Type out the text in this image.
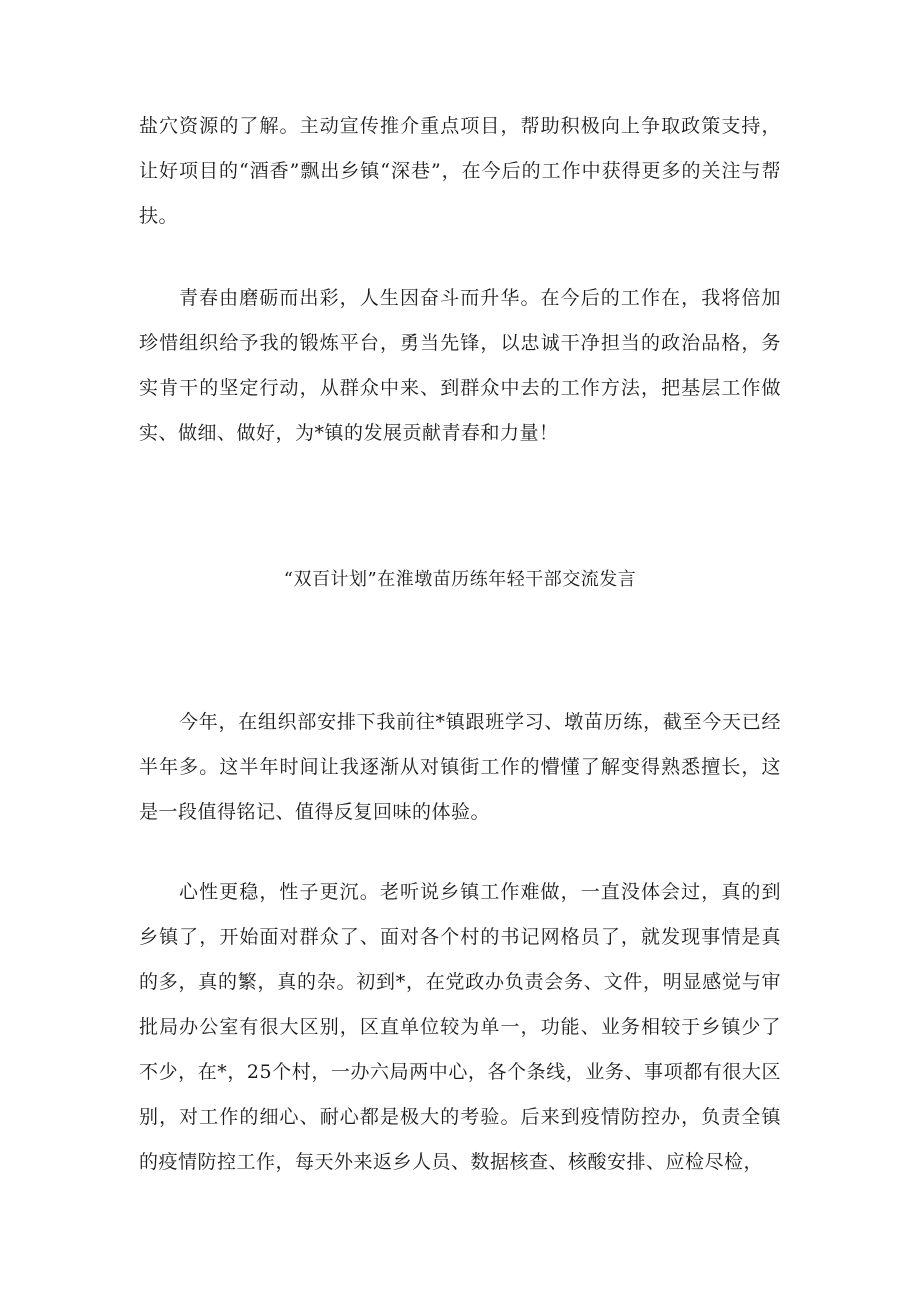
盐穴资源的了解。主动宣传推介重点项目，帮助积极向上争取政策支持，让好项目的“酒香”飘出乡镇“深巷”，在今后的工作中获得更多的关注与帮扶。

青春由磨砺而出彩，人生因奋斗而升华。在今后的工作在，我将倍加珍惜组织给予我的锻炼平台，勇当先锋，以忠诚干净担当的政治品格，务实肯干的坚定行动，从群众中来、到群众中去的工作方法，把基层工作做实、做细、做好，为*镇的发展贡献青春和力量！

“双百计划”在淮墩苗历练年轻干部交流发言

今年，在组织部安排下我前往*镇跟班学习、墩苗历练，截至今天已经半年多。这半年时间让我逐渐从对镇街工作的懵懂了解变得熟悉擅长，这是一段值得铭记、值得反复回味的体验。

心性更稳，性子更沉。老听说乡镇工作难做，一直没体会过，真的到乡镇了，开始面对群众了、面对各个村的书记网格员了，就发现事情是真的多，真的繁，真的杂。初到*，在党政办负责会务、文件，明显感觉与审批局办公室有很大区别，区直单位较为单一，功能、业务相较于乡镇少了不少，在*，25个村，一办六局两中心，各个条线，业务、事项都有很大区别，对工作的细心、耐心都是极大的考验。后来到疫情防控办，负责全镇的疫情防控工作，每天外来返乡人员、数据核查、核酸安排、应检尽检，
